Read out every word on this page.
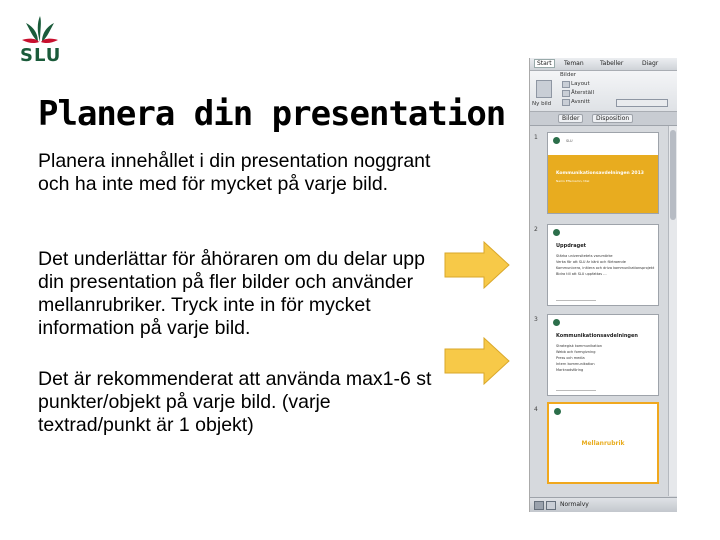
SLU
Planera din presentation

Planera innehållet i din presentation noggrant och ha inte med för mycket på varje bild.

Det underlättar för åhöraren om du delar upp din presentation på fler bilder och använder mellanrubriker. Tryck inte in för mycket information på varje bild.

Det är rekommenderat att använda max1-6 st punkter/objekt på varje bild. (varje textrad/punkt är 1 objekt)

Start	Teman	Tabeller	Diagr
Bilder
Ny bild
Layout
Återställ
Avsnitt
Bilder	Disposition
1	SLU
Kommunikationsavdelningen 2013
Namn Efternamn, titel
2
Uppdraget
Stärka universitetets varumärke
Verka för att SLU är känt och förtroende
Kommunicera, initiera och driva kommunikationsprojekt
Bidra till att SLU uppfattas ...
3
Kommunikationsavdelningen
Strategisk kommunikation
Webb och formgivning
Press och media
Intern kommunikation
Marknadsföring
4
Mellanrubrik
Normalvy
